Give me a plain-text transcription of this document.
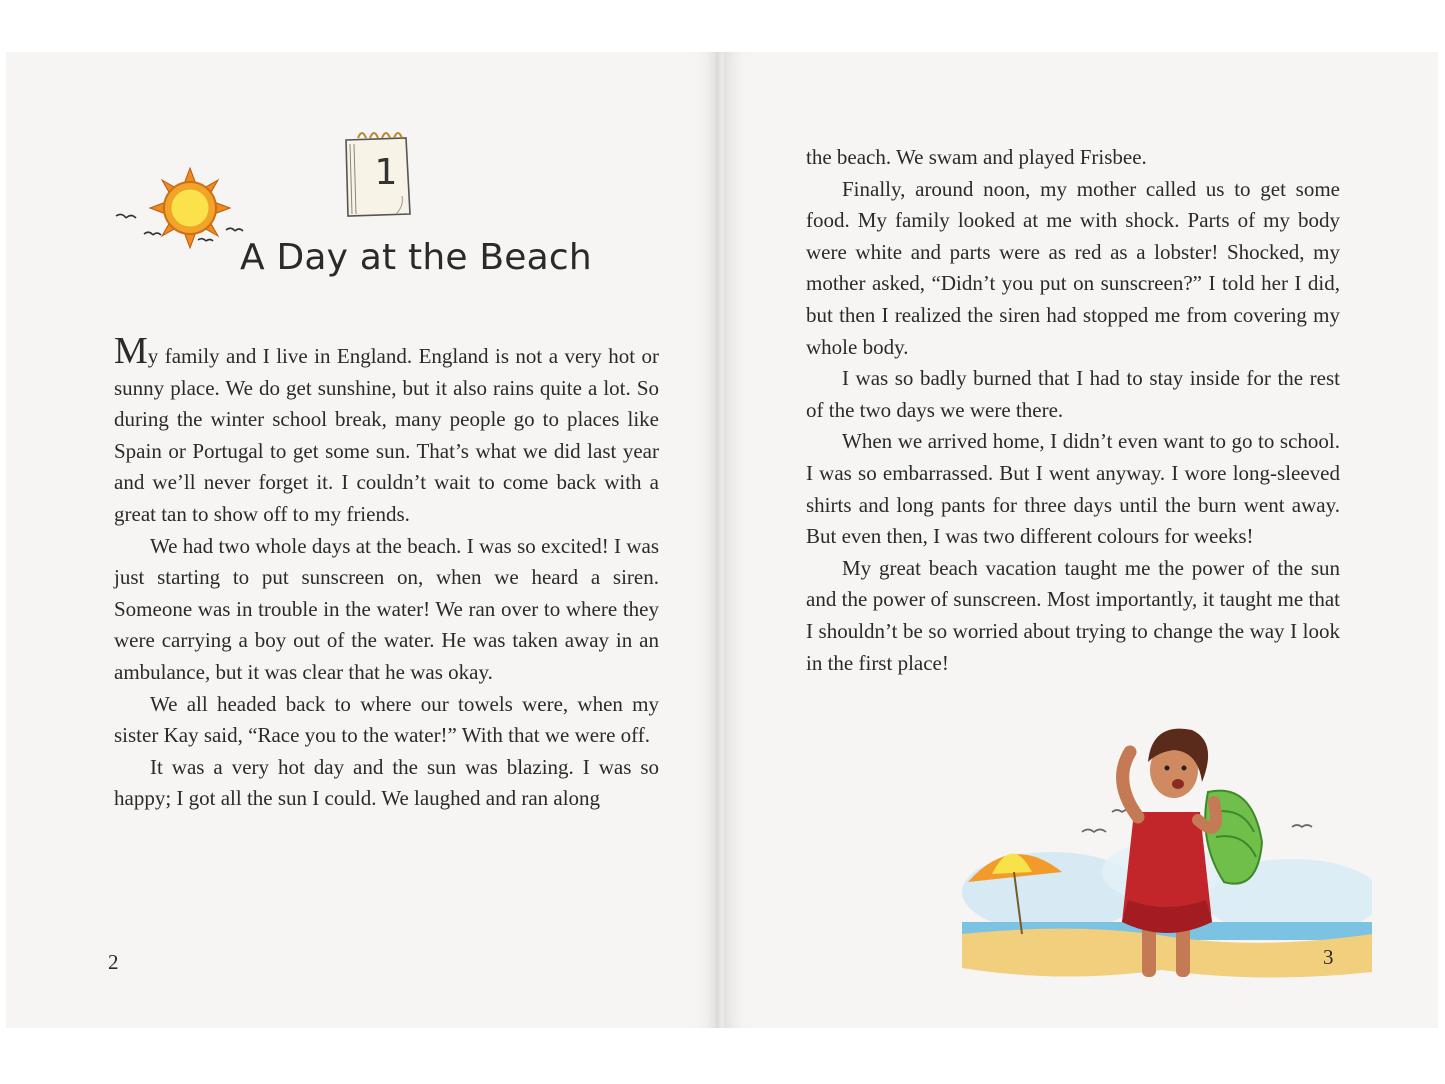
1
A Day at the Beach

My family and I live in England. England is not a very hot or sunny place. We do get sunshine, but it also rains quite a lot. So during the winter school break, many people go to places like Spain or Portugal to get some sun. That’s what we did last year and we’ll never forget it. I couldn’t wait to come back with a great tan to show off to my friends.

We had two whole days at the beach. I was so excited! I was just starting to put sunscreen on, when we heard a siren. Someone was in trouble in the water! We ran over to where they were carrying a boy out of the water. He was taken away in an ambulance, but it was clear that he was okay.

We all headed back to where our towels were, when my sister Kay said, “Race you to the water!” With that we were off.

It was a very hot day and the sun was blazing. I was so happy; I got all the sun I could. We laughed and ran along

2

the beach. We swam and played Frisbee.

Finally, around noon, my mother called us to get some food. My family looked at me with shock. Parts of my body were white and parts were as red as a lobster! Shocked, my mother asked, “Didn’t you put on sunscreen?” I told her I did, but then I realized the siren had stopped me from covering my whole body.

I was so badly burned that I had to stay inside for the rest of the two days we were there.

When we arrived home, I didn’t even want to go to school. I was so embarrassed. But I went anyway. I wore long-sleeved shirts and long pants for three days until the burn went away. But even then, I was two different colours for weeks!

My great beach vacation taught me the power of the sun and the power of sunscreen. Most importantly, it taught me that I shouldn’t be so worried about trying to change the way I look in the first place!

3
